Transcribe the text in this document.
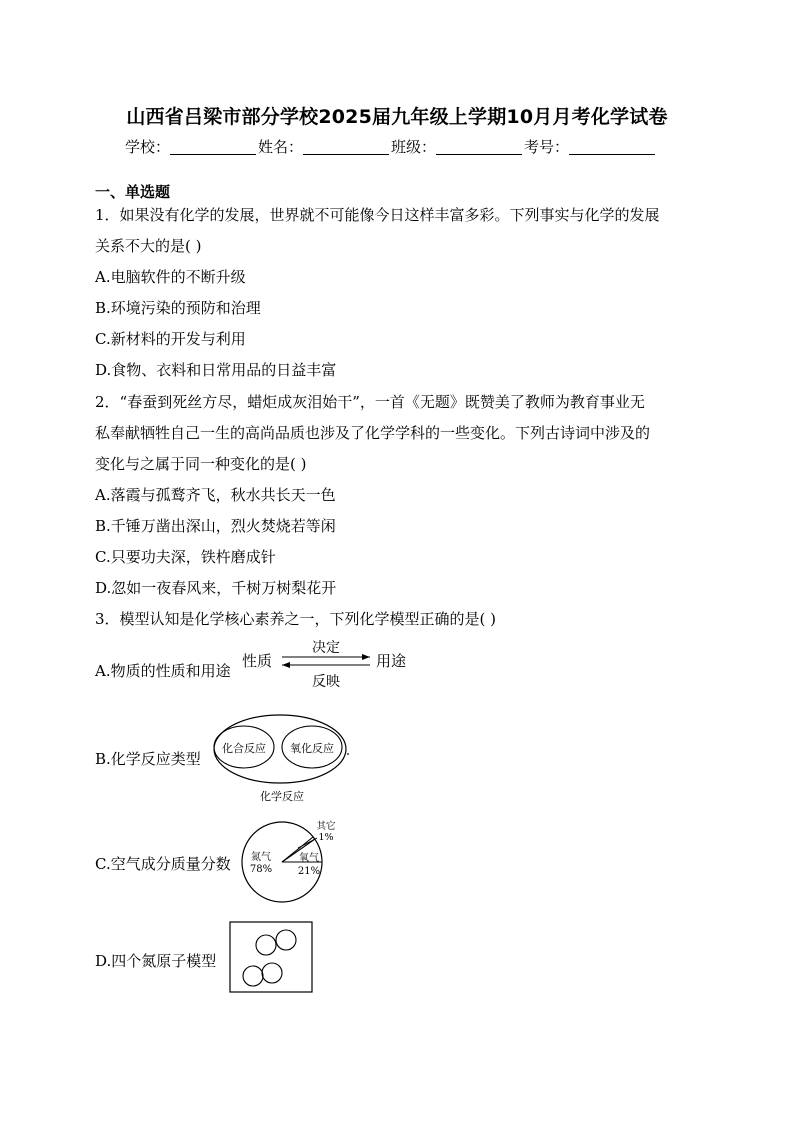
山西省吕梁市部分学校2025届九年级上学期10月月考化学试卷
学校：	姓名：	班级：	考号：
一、单选题
1．如果没有化学的发展，世界就不可能像今日这样丰富多彩。下列事实与化学的发展
关系不大的是( )
A.电脑软件的不断升级
B.环境污染的预防和治理
C.新材料的开发与利用
D.食物、衣料和日常用品的日益丰富
2．“春蚕到死丝方尽，蜡炬成灰泪始干”，一首《无题》既赞美了教师为教育事业无
私奉献牺牲自己一生的高尚品质也涉及了化学学科的一些变化。下列古诗词中涉及的
变化与之属于同一种变化的是( )
A.落霞与孤鹜齐飞，秋水共长天一色
B.千锤万凿出深山，烈火焚烧若等闲
C.只要功夫深，铁杵磨成针
D.忽如一夜春风来，千树万树梨花开
3．模型认知是化学核心素养之一，下列化学模型正确的是( )
A.物质的性质和用途
性质	用途
决定
反映
B.化学反应类型
化合反应 氧化反应
化学反应
C.空气成分质量分数 氮气
78%
氧气
21%
其它
1%
D.四个氮原子模型
